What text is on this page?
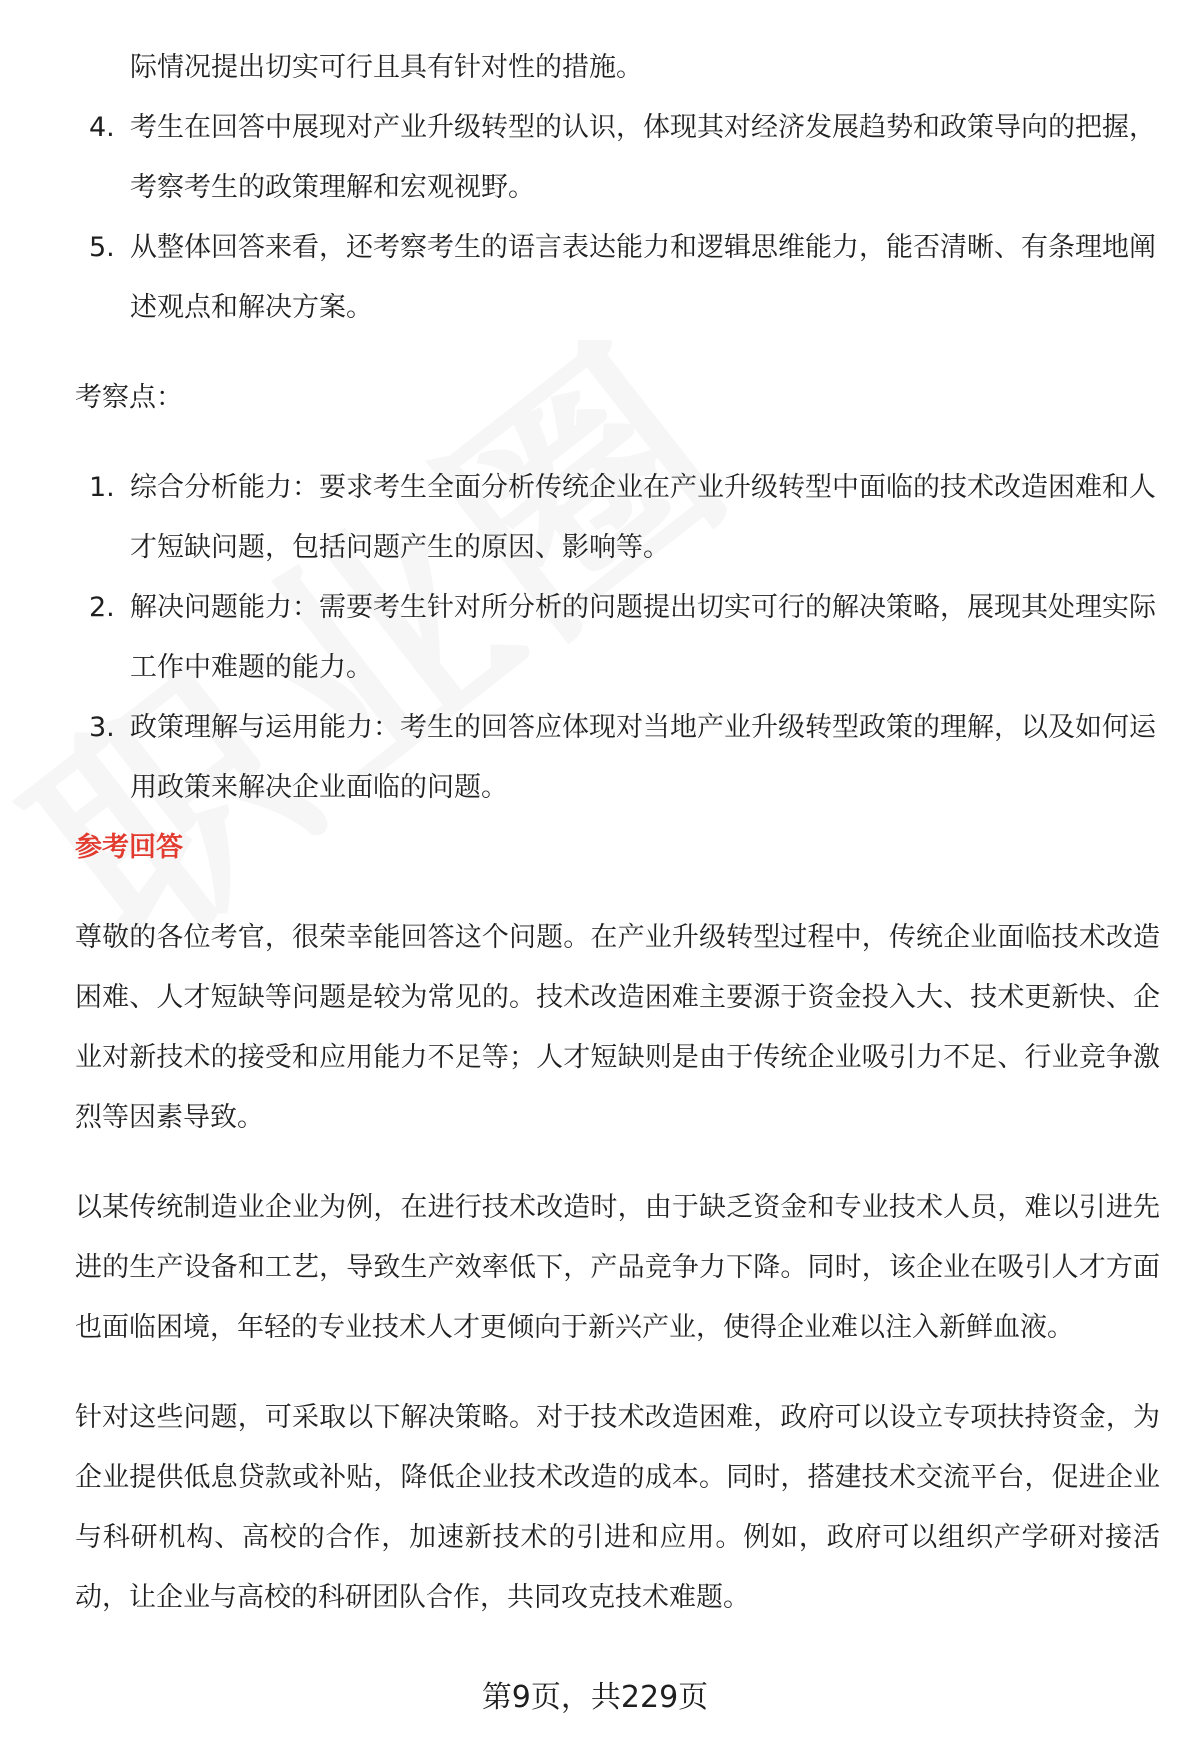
际情况提出切实可行且具有针对性的措施。
4. 考生在回答中展现对产业升级转型的认识，体现其对经济发展趋势和政策导向的把握，考察考生的政策理解和宏观视野。
5. 从整体回答来看，还考察考生的语言表达能力和逻辑思维能力，能否清晰、有条理地阐述观点和解决方案。

考察点：

1. 综合分析能力：要求考生全面分析传统企业在产业升级转型中面临的技术改造困难和人才短缺问题，包括问题产生的原因、影响等。
2. 解决问题能力：需要考生针对所分析的问题提出切实可行的解决策略，展现其处理实际工作中难题的能力。
3. 政策理解与运用能力：考生的回答应体现对当地产业升级转型政策的理解，以及如何运用政策来解决企业面临的问题。

参考回答

尊敬的各位考官，很荣幸能回答这个问题。在产业升级转型过程中，传统企业面临技术改造困难、人才短缺等问题是较为常见的。技术改造困难主要源于资金投入大、技术更新快、企业对新技术的接受和应用能力不足等；人才短缺则是由于传统企业吸引力不足、行业竞争激烈等因素导致。

以某传统制造业企业为例，在进行技术改造时，由于缺乏资金和专业技术人员，难以引进先进的生产设备和工艺，导致生产效率低下，产品竞争力下降。同时，该企业在吸引人才方面也面临困境，年轻的专业技术人才更倾向于新兴产业，使得企业难以注入新鲜血液。

针对这些问题，可采取以下解决策略。对于技术改造困难，政府可以设立专项扶持资金，为企业提供低息贷款或补贴，降低企业技术改造的成本。同时，搭建技术交流平台，促进企业与科研机构、高校的合作，加速新技术的引进和应用。例如，政府可以组织产学研对接活动，让企业与高校的科研团队合作，共同攻克技术难题。

第9页，共229页
